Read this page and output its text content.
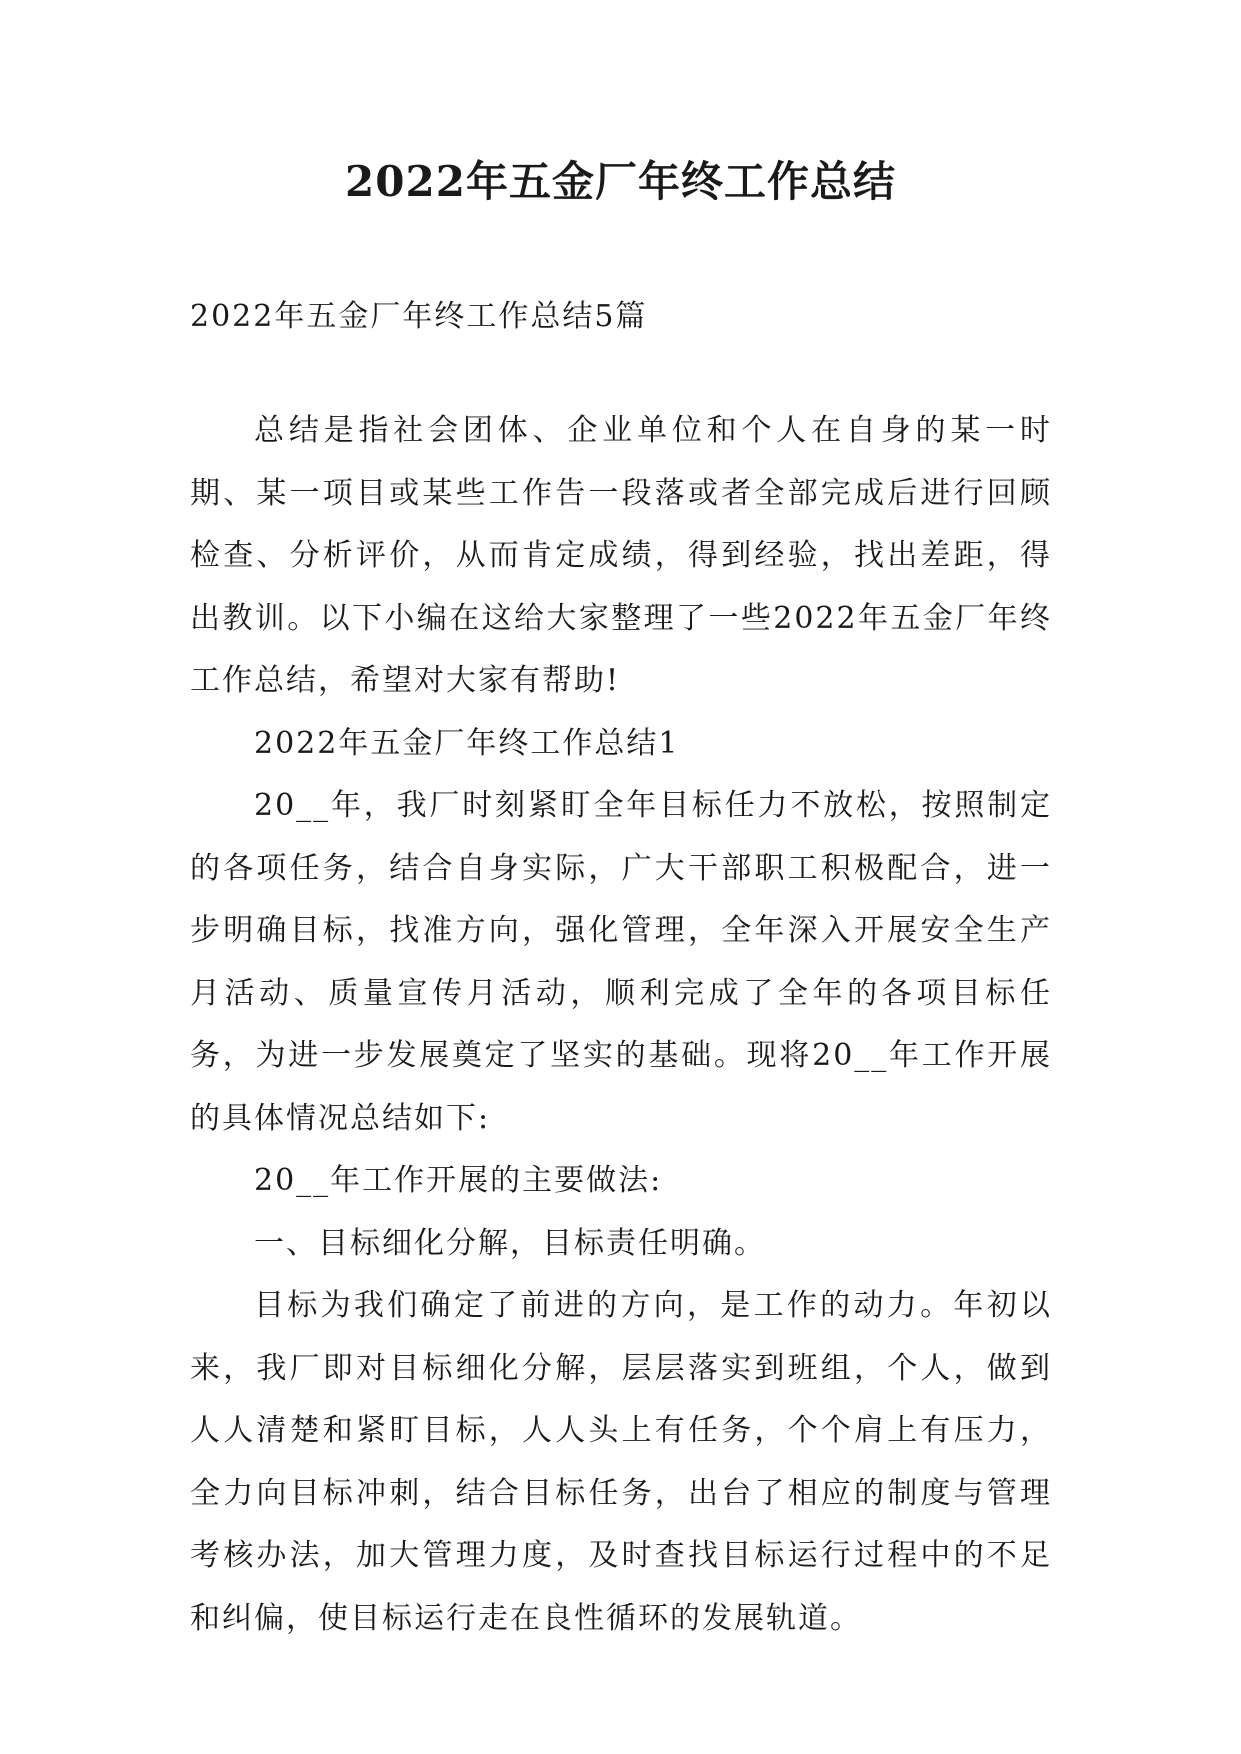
2022年五金厂年终工作总结
2022年五金厂年终工作总结5篇

总结是指社会团体、企业单位和个人在自身的某一时期、某一项目或某些工作告一段落或者全部完成后进行回顾检查、分析评价，从而肯定成绩，得到经验，找出差距，得出教训。以下小编在这给大家整理了一些2022年五金厂年终工作总结，希望对大家有帮助!

2022年五金厂年终工作总结1

20__年，我厂时刻紧盯全年目标任力不放松，按照制定的各项任务，结合自身实际，广大干部职工积极配合，进一步明确目标，找准方向，强化管理，全年深入开展安全生产月活动、质量宣传月活动，顺利完成了全年的各项目标任务，为进一步发展奠定了坚实的基础。现将20__年工作开展的具体情况总结如下:

20__年工作开展的主要做法:

一、目标细化分解，目标责任明确。

目标为我们确定了前进的方向，是工作的动力。年初以来，我厂即对目标细化分解，层层落实到班组，个人，做到人人清楚和紧盯目标，人人头上有任务，个个肩上有压力，全力向目标冲刺，结合目标任务，出台了相应的制度与管理考核办法，加大管理力度，及时查找目标运行过程中的不足和纠偏，使目标运行走在良性循环的发展轨道。
